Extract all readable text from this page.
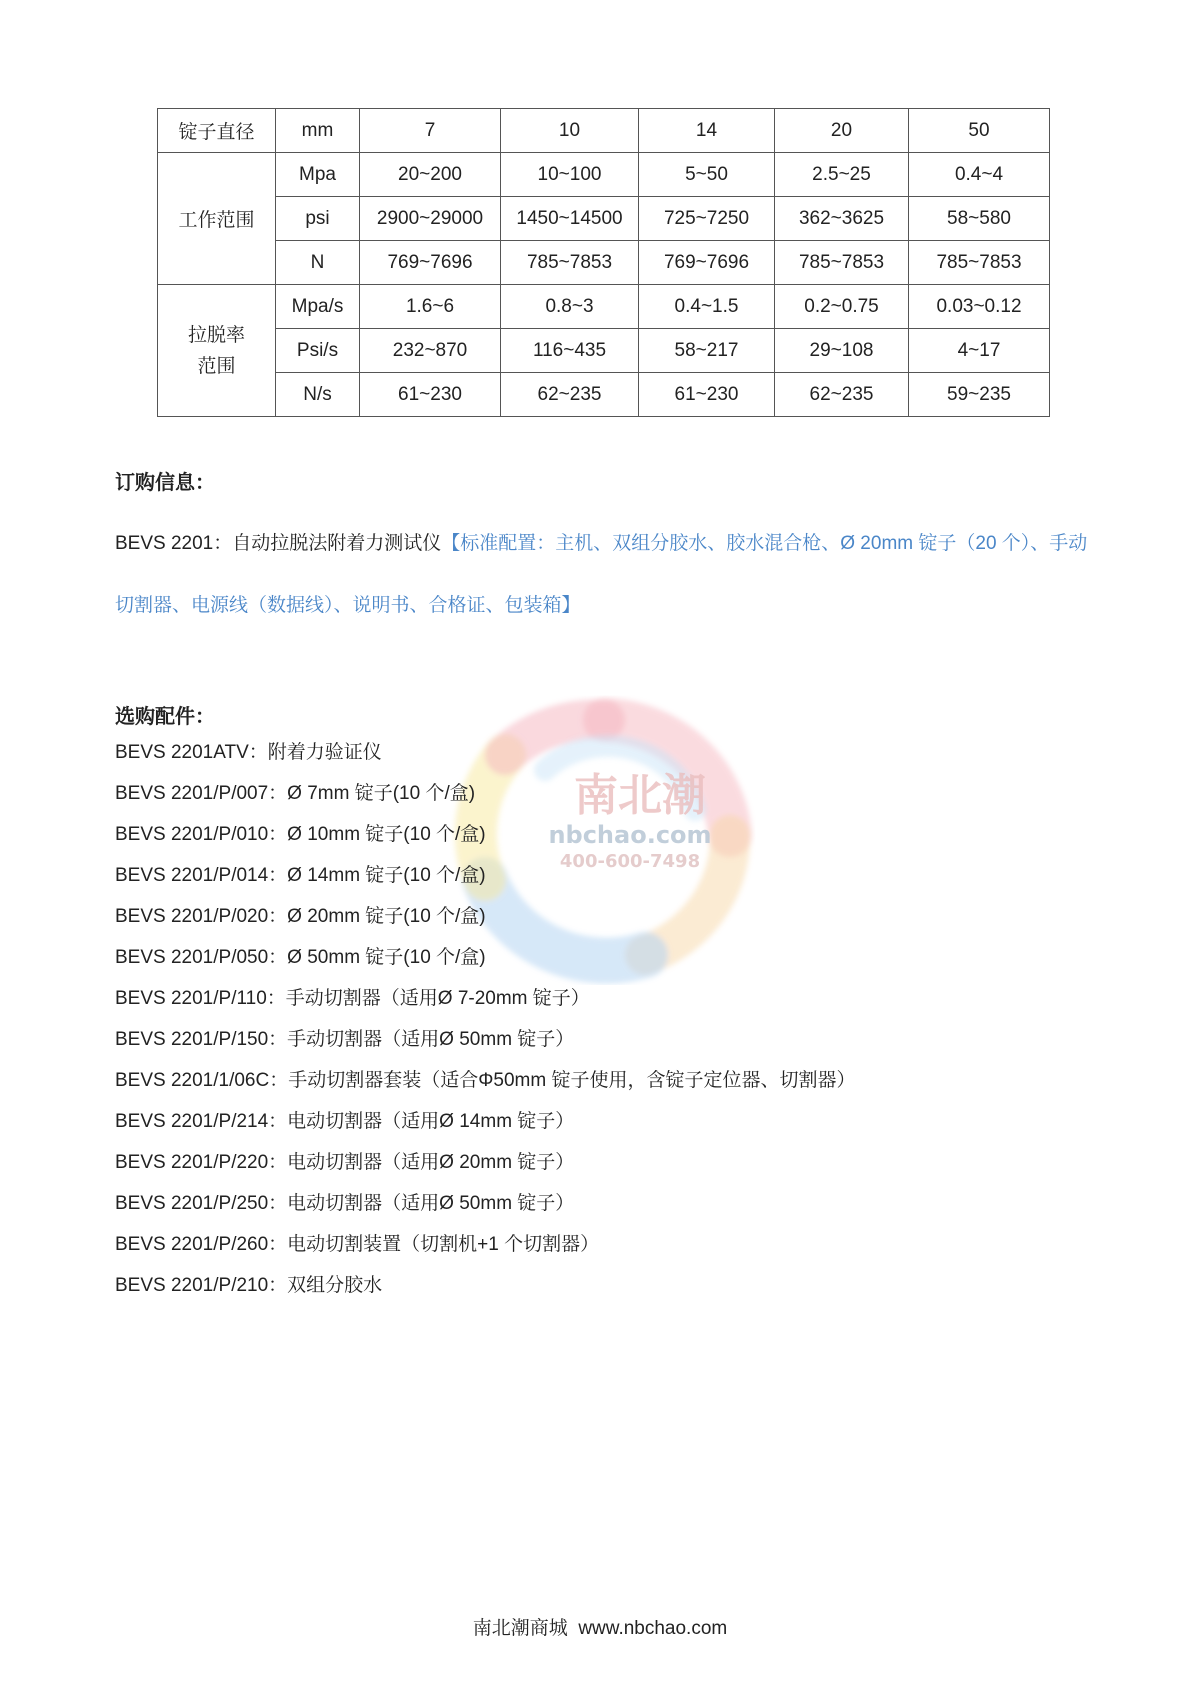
锭子直径	mm	7	10	14	20	50
工作范围	Mpa	20~200	10~100	5~50	2.5~25	0.4~4
	psi	2900~29000	1450~14500	725~7250	362~3625	58~580
	N	769~7696	785~7853	769~7696	785~7853	785~7853
拉脱率
范围	Mpa/s	1.6~6	0.8~3	0.4~1.5	0.2~0.75	0.03~0.12
	Psi/s	232~870	116~435	58~217	29~108	4~17
	N/s	61~230	62~235	61~230	62~235	59~235
订购信息：
BEVS 2201：自动拉脱法附着力测试仪【标准配置：主机、双组分胶水、胶水混合枪、Ø 20mm 锭子（20 个）、手动切割器、电源线（数据线）、说明书、合格证、包装箱】
南北潮
nbchao.com
400-600-7498
选购配件：
BEVS 2201ATV：附着力验证仪
BEVS 2201/P/007：Ø 7mm 锭子(10 个/盒)
BEVS 2201/P/010：Ø 10mm 锭子(10 个/盒)
BEVS 2201/P/014：Ø 14mm 锭子(10 个/盒)
BEVS 2201/P/020：Ø 20mm 锭子(10 个/盒)
BEVS 2201/P/050：Ø 50mm 锭子(10 个/盒)
BEVS 2201/P/110：手动切割器（适用Ø 7-20mm 锭子）
BEVS 2201/P/150：手动切割器（适用Ø 50mm 锭子）
BEVS 2201/1/06C：手动切割器套装（适合Φ50mm 锭子使用，含锭子定位器、切割器）
BEVS 2201/P/214：电动切割器（适用Ø 14mm 锭子）
BEVS 2201/P/220：电动切割器（适用Ø 20mm 锭子）
BEVS 2201/P/250：电动切割器（适用Ø 50mm 锭子）
BEVS 2201/P/260：电动切割装置（切割机+1 个切割器）
BEVS 2201/P/210：双组分胶水
南北潮商城  www.nbchao.com
